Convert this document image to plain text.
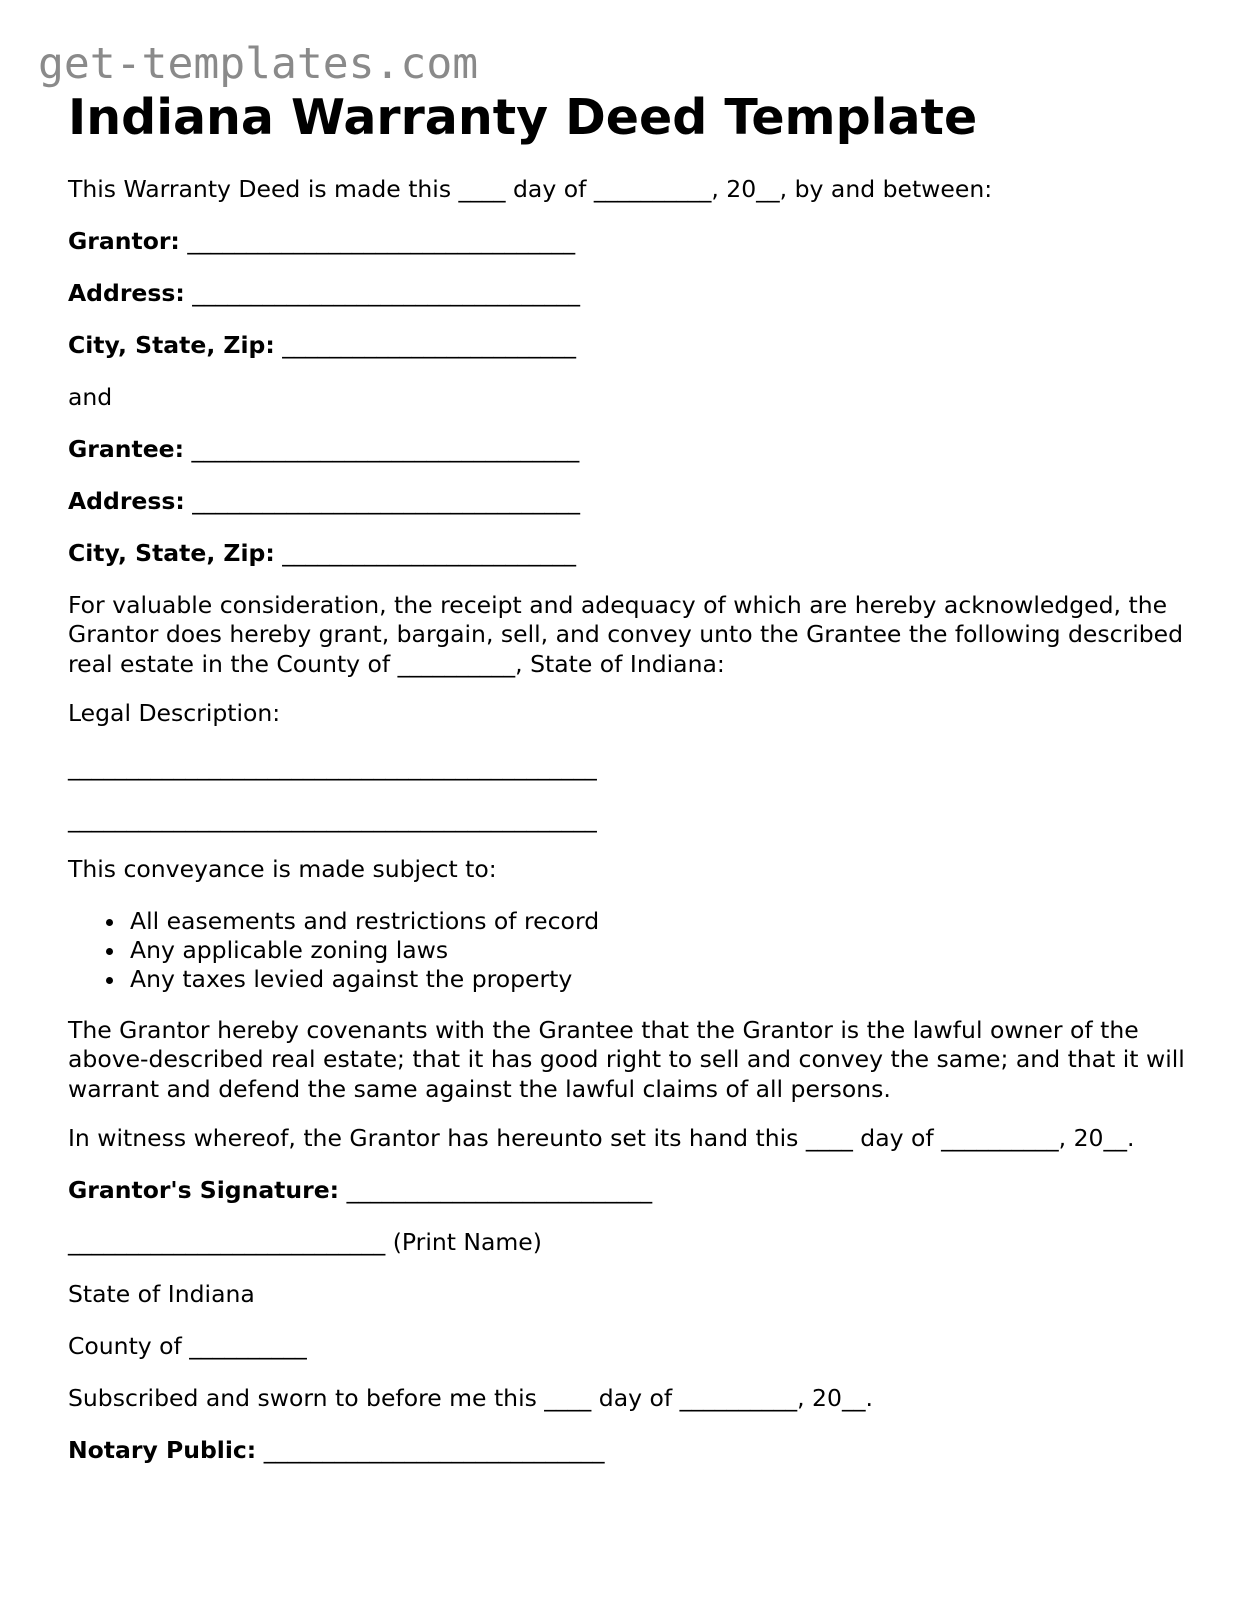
get-templates.com
Indiana Warranty Deed Template

This Warranty Deed is made this ____ day of __________, 20__, by and between:

Grantor: _________________________________

Address: _________________________________

City, State, Zip: _________________________

and

Grantee: _________________________________

Address: _________________________________

City, State, Zip: _________________________

For valuable consideration, the receipt and adequacy of which are hereby acknowledged, the Grantor does hereby grant, bargain, sell, and convey unto the Grantee the following described real estate in the County of __________, State of Indiana:

Legal Description:

_____________________________________________

_____________________________________________

This conveyance is made subject to:

All easements and restrictions of record
Any applicable zoning laws
Any taxes levied against the property

The Grantor hereby covenants with the Grantee that the Grantor is the lawful owner of the above-described real estate; that it has good right to sell and convey the same; and that it will warrant and defend the same against the lawful claims of all persons.

In witness whereof, the Grantor has hereunto set its hand this ____ day of __________, 20__.

Grantor's Signature: __________________________

___________________________ (Print Name)

State of Indiana

County of __________

Subscribed and sworn to before me this ____ day of __________, 20__.

Notary Public: _____________________________
